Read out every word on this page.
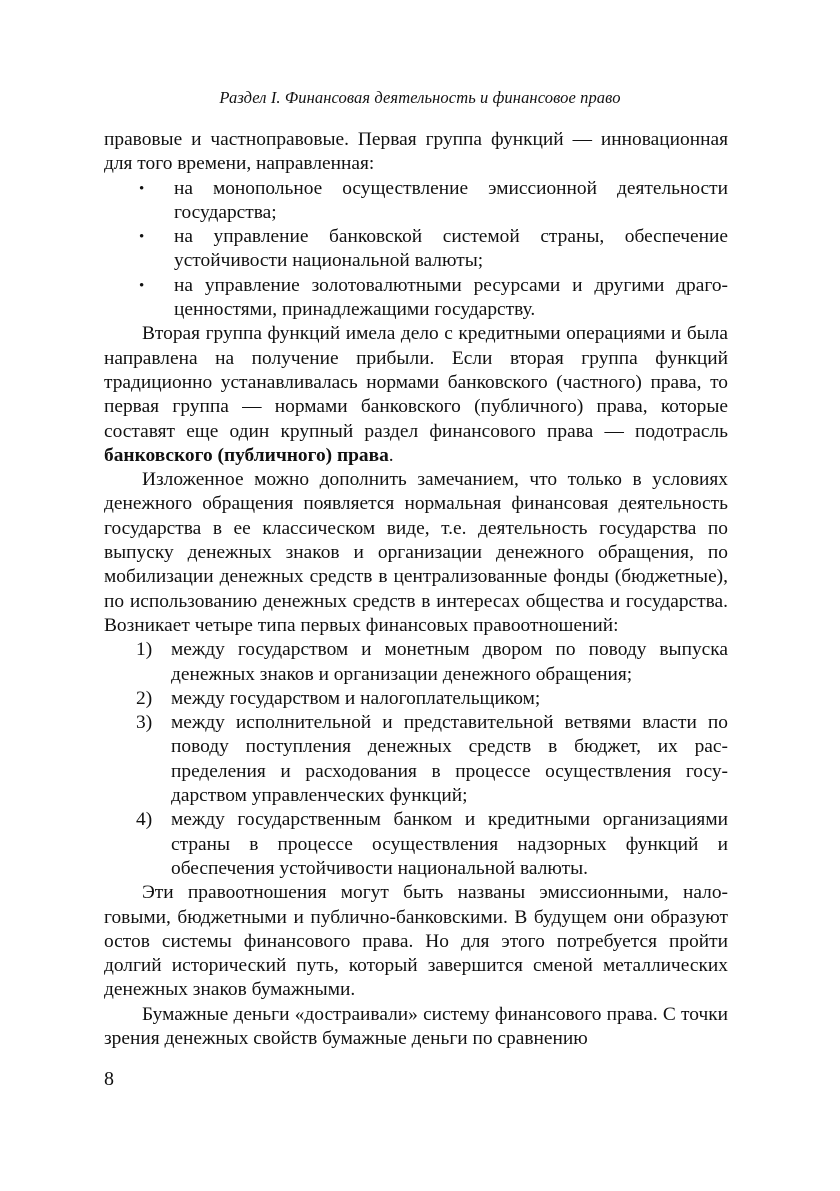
Раздел I. Финансовая деятельность и финансовое право

правовые и частноправовые. Первая группа функций — инновационная для того времени, направленная:

• на монопольное осуществление эмиссионной деятельности государства;
• на управление банковской системой страны, обеспечение устойчивости национальной валюты;
• на управление золотовалютными ресурсами и другими драгоценностями, принадлежащими государству.

Вторая группа функций имела дело с кредитными операциями и была направлена на получение прибыли. Если вторая группа функций традиционно устанавливалась нормами банковского (частного) права, то первая группа — нормами банковского (публичного) права, которые составят еще один крупный раздел финансового права — подотрасль банковского (публичного) права.

Изложенное можно дополнить замечанием, что только в условиях денежного обращения появляется нормальная финансовая деятельность государства в ее классическом виде, т.е. деятельность государства по выпуску денежных знаков и организации денежного обращения, по мобилизации денежных средств в централизованные фонды (бюджетные), по использованию денежных средств в интересах общества и государства. Возникает четыре типа первых финансовых правоотношений:

1) между государством и монетным двором по поводу выпуска денежных знаков и организации денежного обращения;
2) между государством и налогоплательщиком;
3) между исполнительной и представительной ветвями власти по поводу поступления денежных средств в бюджет, их распределения и расходования в процессе осуществления государством управленческих функций;
4) между государственным банком и кредитными организациями страны в процессе осуществления надзорных функций и обеспечения устойчивости национальной валюты.

Эти правоотношения могут быть названы эмиссионными, налоговыми, бюджетными и публично-банковскими. В будущем они образуют остов системы финансового права. Но для этого потребуется пройти долгий исторический путь, который завершится сменой металлических денежных знаков бумажными.

Бумажные деньги «достраивали» систему финансового права. С точки зрения денежных свойств бумажные деньги по сравнению

8
